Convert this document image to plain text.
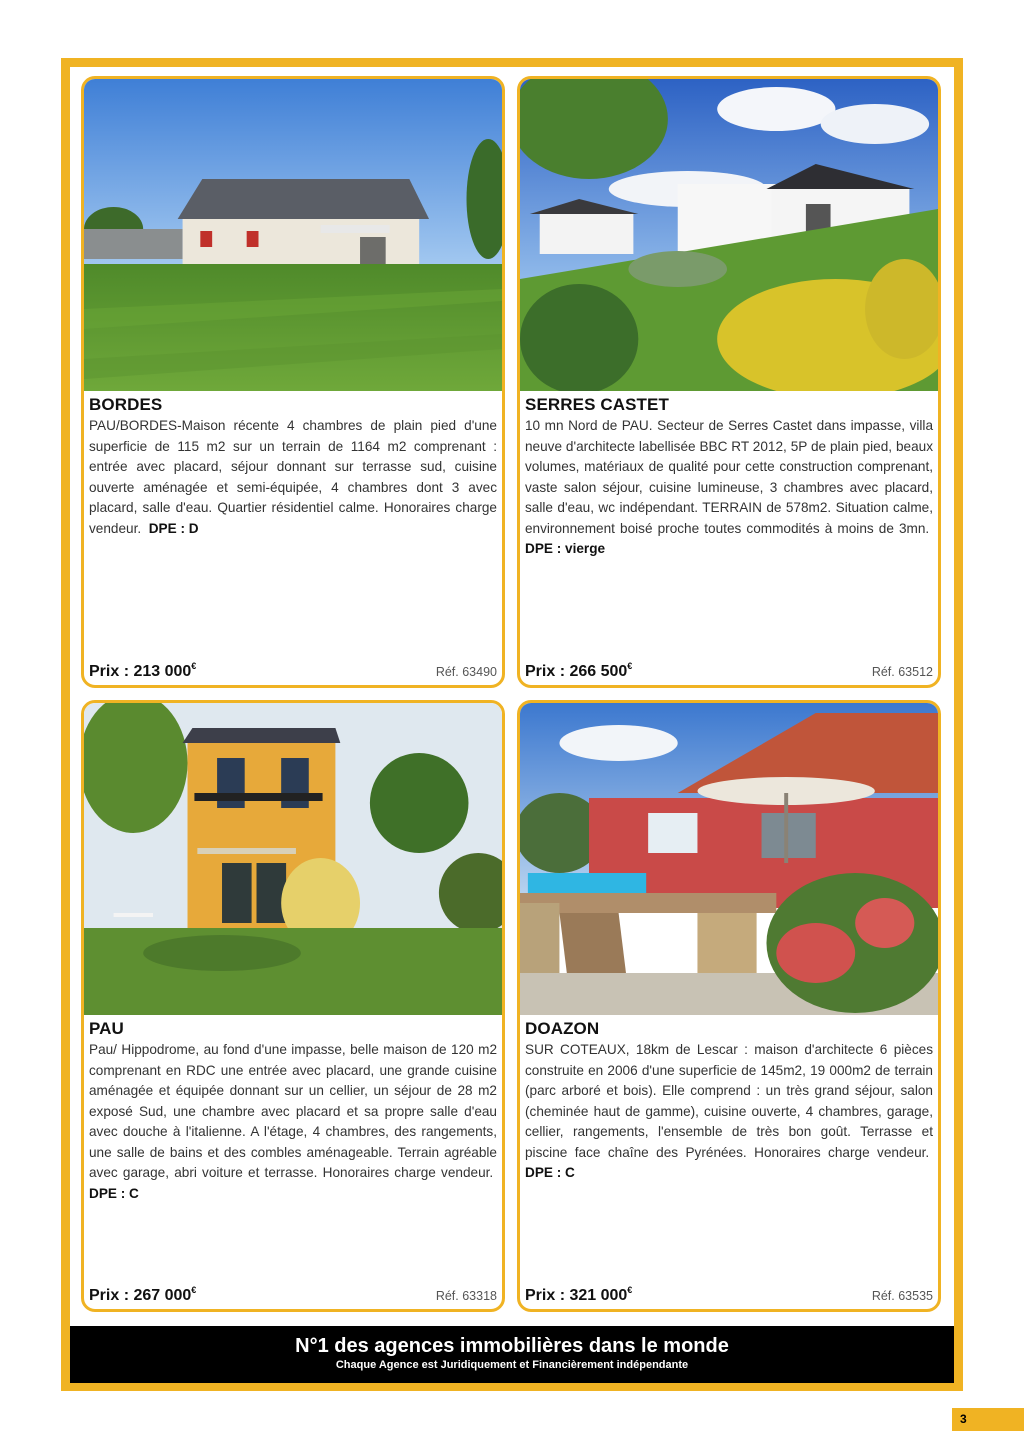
BORDES
PAU/BORDES-Maison récente 4 chambres de plain pied d'une superficie de 115 m2 sur un terrain de 1164 m2 comprenant : entrée avec placard, séjour donnant sur terrasse sud, cuisine ouverte aménagée et semi-équipée, 4 chambres dont 3 avec placard, salle d'eau. Quartier résidentiel calme. Honoraires charge vendeur. DPE : D
Prix : 213 000€	Réf. 63490
SERRES CASTET
10 mn Nord de PAU. Secteur de Serres Castet dans impasse, villa neuve d'architecte labellisée BBC RT 2012, 5P de plain pied, beaux volumes, matériaux de qualité pour cette construction comprenant, vaste salon séjour, cuisine lumineuse, 3 chambres avec placard, salle d'eau, wc indépendant. TERRAIN de 578m2. Situation calme, environnement boisé proche toutes commodités à moins de 3mn.  DPE : vierge
Prix : 266 500€	Réf. 63512
PAU
Pau/ Hippodrome, au fond d'une impasse, belle maison de 120 m2 comprenant en RDC une entrée avec placard, une grande cuisine aménagée et équipée donnant sur un cellier, un séjour de 28 m2 exposé Sud, une chambre avec placard et sa propre salle d'eau avec douche à l'italienne. A l'étage, 4 chambres, des rangements, une salle de bains et des combles aménageable. Terrain agréable avec garage, abri voiture et terrasse. Honoraires charge vendeur.  DPE : C
Prix : 267 000€	Réf. 63318
DOAZON
SUR COTEAUX, 18km de Lescar : maison d'architecte 6 pièces construite en 2006 d'une superficie de 145m2, 19 000m2 de terrain (parc arboré et bois). Elle comprend : un très grand séjour, salon (cheminée haut de gamme), cuisine ouverte, 4 chambres, garage, cellier, rangements, l'ensemble de très bon goût. Terrasse et piscine face chaîne des Pyrénées. Honoraires charge vendeur.  DPE : C
Prix : 321 000€	Réf. 63535
N°1 des agences immobilières dans le monde
Chaque Agence est Juridiquement et Financièrement indépendante
3
